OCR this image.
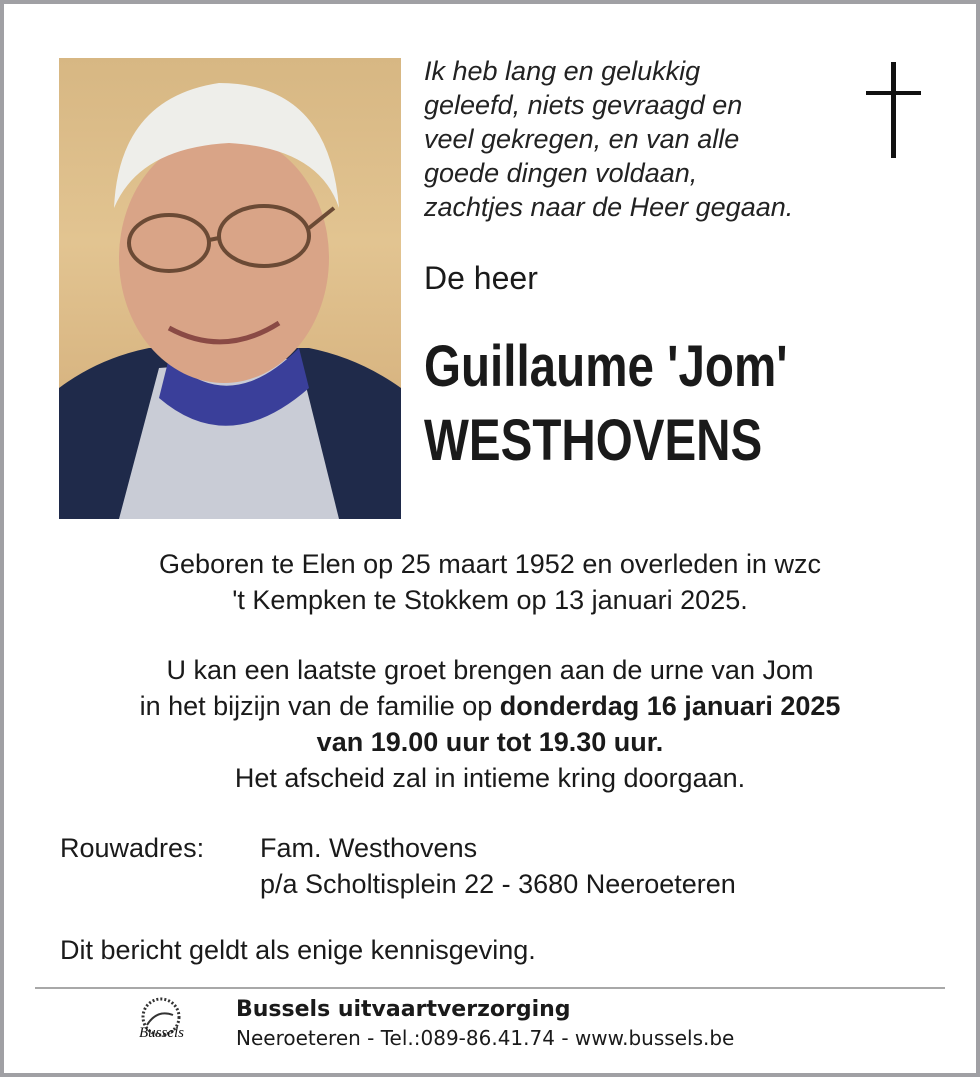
Ik heb lang en gelukkig
geleefd, niets gevraagd en
veel gekregen, en van alle
goede dingen voldaan,
zachtjes naar de Heer gegaan.
De heer
Guillaume 'Jom'
WESTHOVENS
Geboren te Elen op 25 maart 1952 en overleden in wzc
't Kempken te Stokkem op 13 januari 2025.
U kan een laatste groet brengen aan de urne van Jom
in het bijzijn van de familie op donderdag 16 januari 2025
van 19.00 uur tot 19.30 uur.
Het afscheid zal in intieme kring doorgaan.
Rouwadres: Fam. Westhovens
p/a Scholtisplein 22 - 3680 Neeroeteren
Dit bericht geldt als enige kennisgeving.
Bussels
Bussels uitvaartverzorging
Neeroeteren - Tel.:089-86.41.74 - www.bussels.be
